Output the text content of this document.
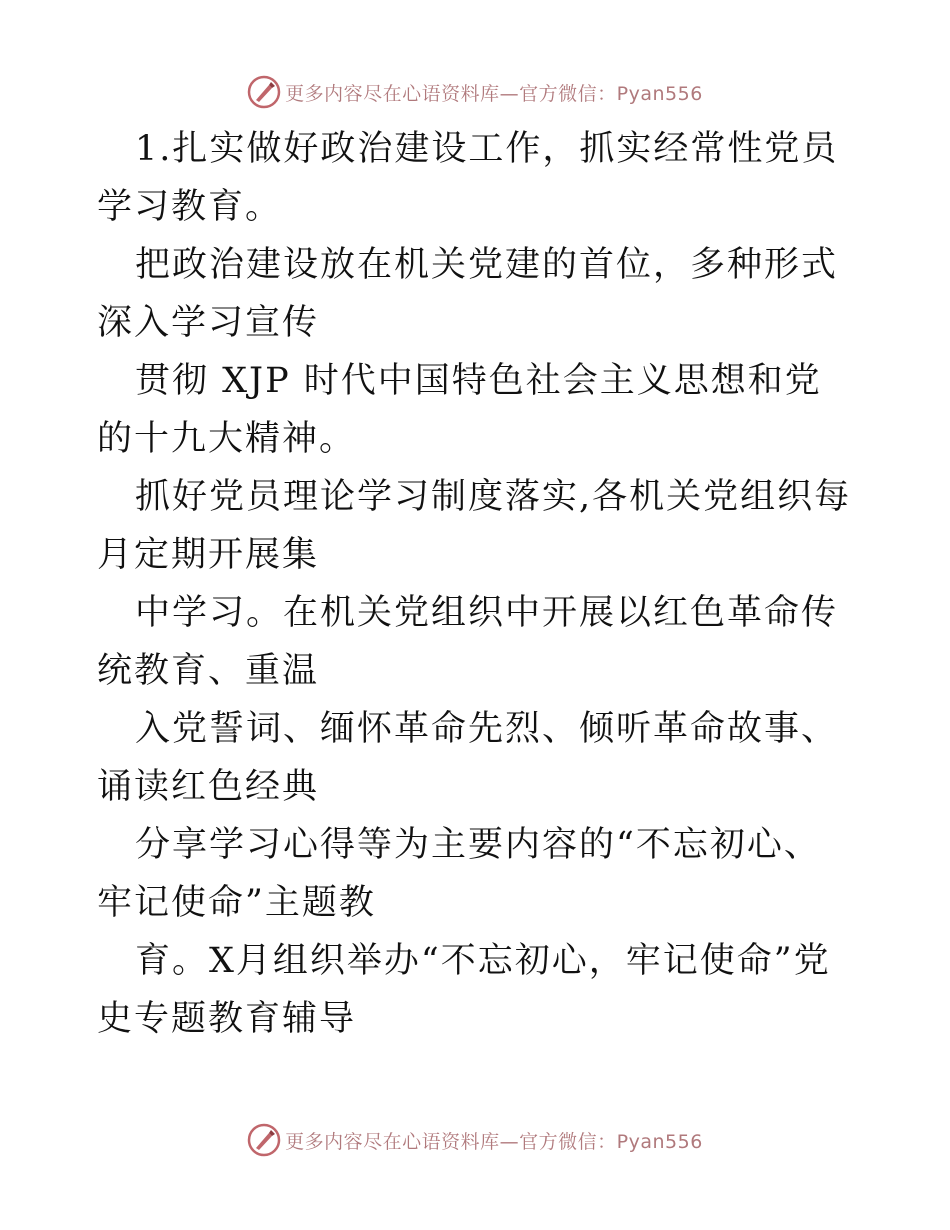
更多内容尽在心语资料库—官方微信：Pyan556

1.扎实做好政治建设工作，抓实经常性党员学习教育。

把政治建设放在机关党建的首位，多种形式深入学习宣传

贯彻 XJP 时代中国特色社会主义思想和党的十九大精神。

抓好党员理论学习制度落实,各机关党组织每月定期开展集

中学习。在机关党组织中开展以红色革命传统教育、重温

入党誓词、缅怀革命先烈、倾听革命故事、诵读红色经典

分享学习心得等为主要内容的“不忘初心、牢记使命”主题教

育。X月组织举办“不忘初心，牢记使命”党史专题教育辅导

更多内容尽在心语资料库—官方微信：Pyan556
